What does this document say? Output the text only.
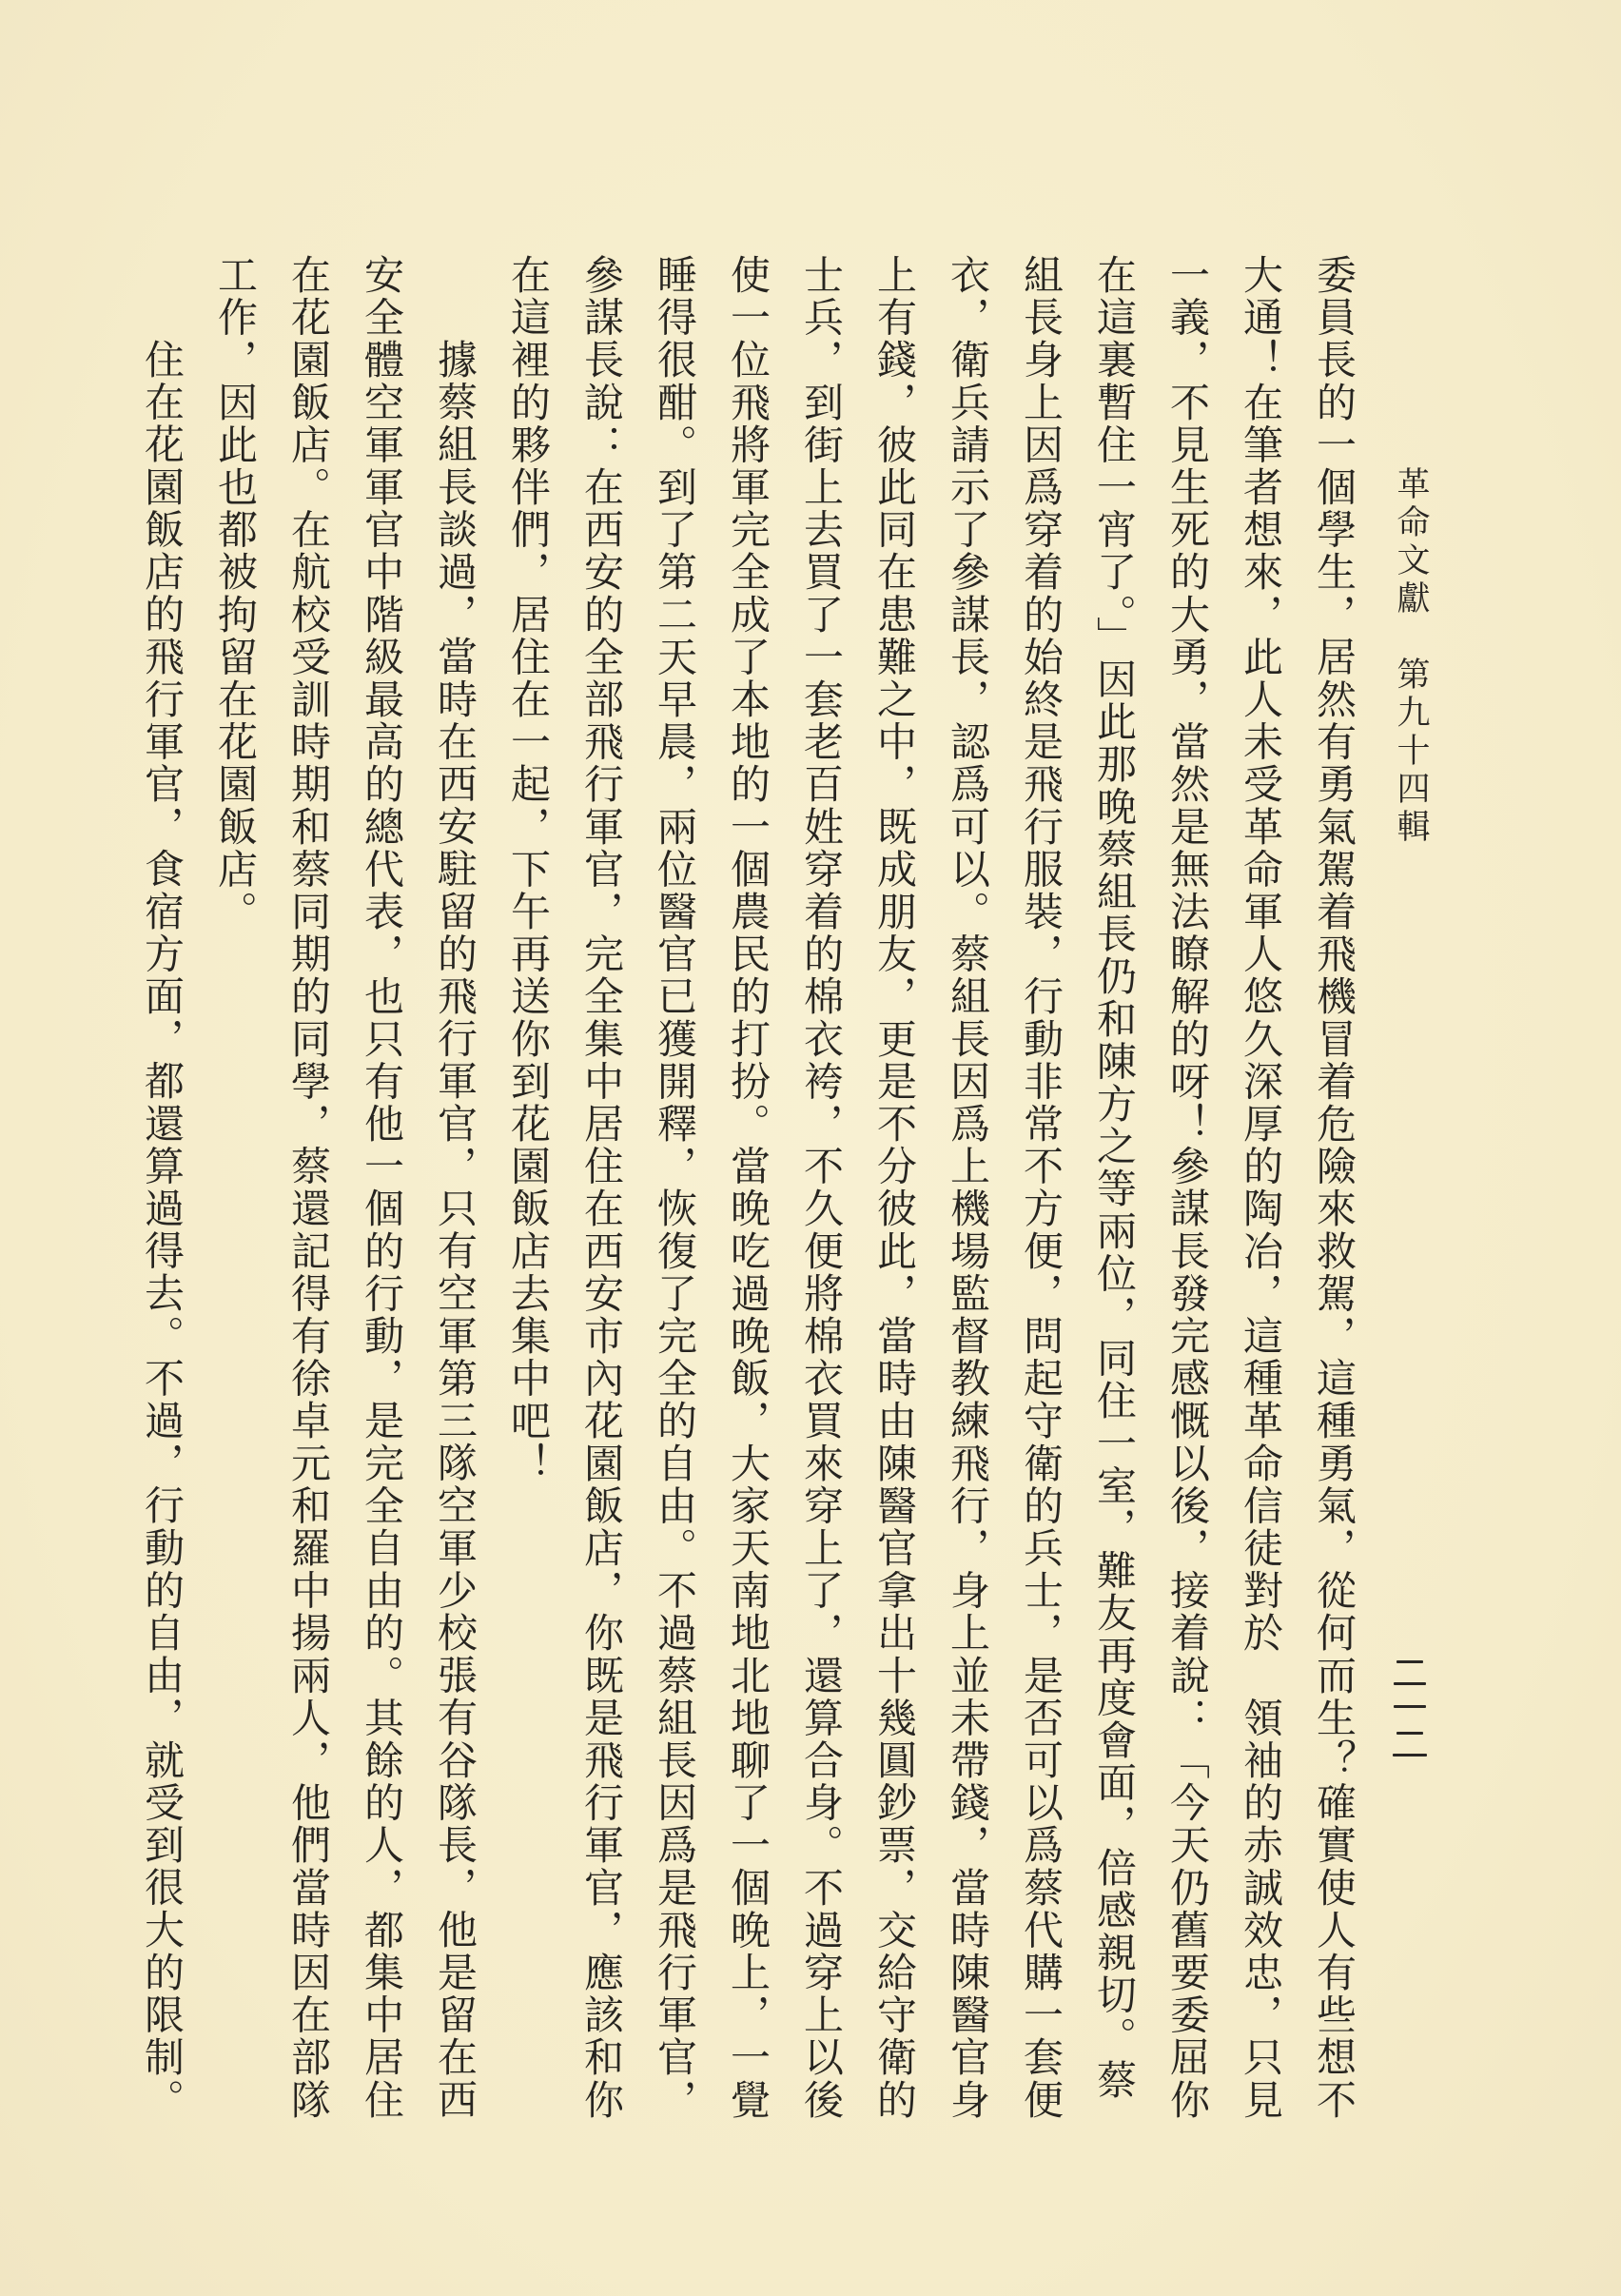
革命文獻　第九十四輯
委員長的一個學生，居然有勇氣駕着飛機冒着危險來救駕，這種勇氣，從何而生？確實使人有些想不
大通！在筆者想來，此人未受革命軍人悠久深厚的陶冶，這種革命信徒對於　領袖的赤誠效忠，只見
一義，不見生死的大勇，當然是無法瞭解的呀！參謀長發完感慨以後，接着說：「今天仍舊要委屈你
在這裏暫住一宵了。」因此那晚蔡組長仍和陳方之等兩位，同住一室，難友再度會面，倍感親切。蔡
組長身上因爲穿着的始終是飛行服裝，行動非常不方便，問起守衛的兵士，是否可以爲蔡代購一套便
衣，衛兵請示了參謀長，認爲可以。蔡組長因爲上機場監督教練飛行，身上並未帶錢，當時陳醫官身
上有錢，彼此同在患難之中，既成朋友，更是不分彼此，當時由陳醫官拿出十幾圓鈔票，交給守衛的
士兵，到街上去買了一套老百姓穿着的棉衣袴，不久便將棉衣買來穿上了，還算合身。不過穿上以後
使一位飛將軍完全成了本地的一個農民的打扮。當晚吃過晚飯，大家天南地北地聊了一個晚上，一覺
睡得很酣。到了第二天早晨，兩位醫官已獲開釋，恢復了完全的自由。不過蔡組長因爲是飛行軍官，
參謀長說：在西安的全部飛行軍官，完全集中居住在西安市內花園飯店，你既是飛行軍官，應該和你
在這裡的夥伴們，居住在一起，下午再送你到花園飯店去集中吧！
據蔡組長談過，當時在西安駐留的飛行軍官，只有空軍第三隊空軍少校張有谷隊長，他是留在西
安全體空軍軍官中階級最高的總代表，也只有他一個的行動，是完全自由的。其餘的人，都集中居住
在花園飯店。在航校受訓時期和蔡同期的同學，蔡還記得有徐卓元和羅中揚兩人，他們當時因在部隊
工作，因此也都被拘留在花園飯店。
住在花園飯店的飛行軍官，食宿方面，都還算過得去。不過，行動的自由，就受到很大的限制。
